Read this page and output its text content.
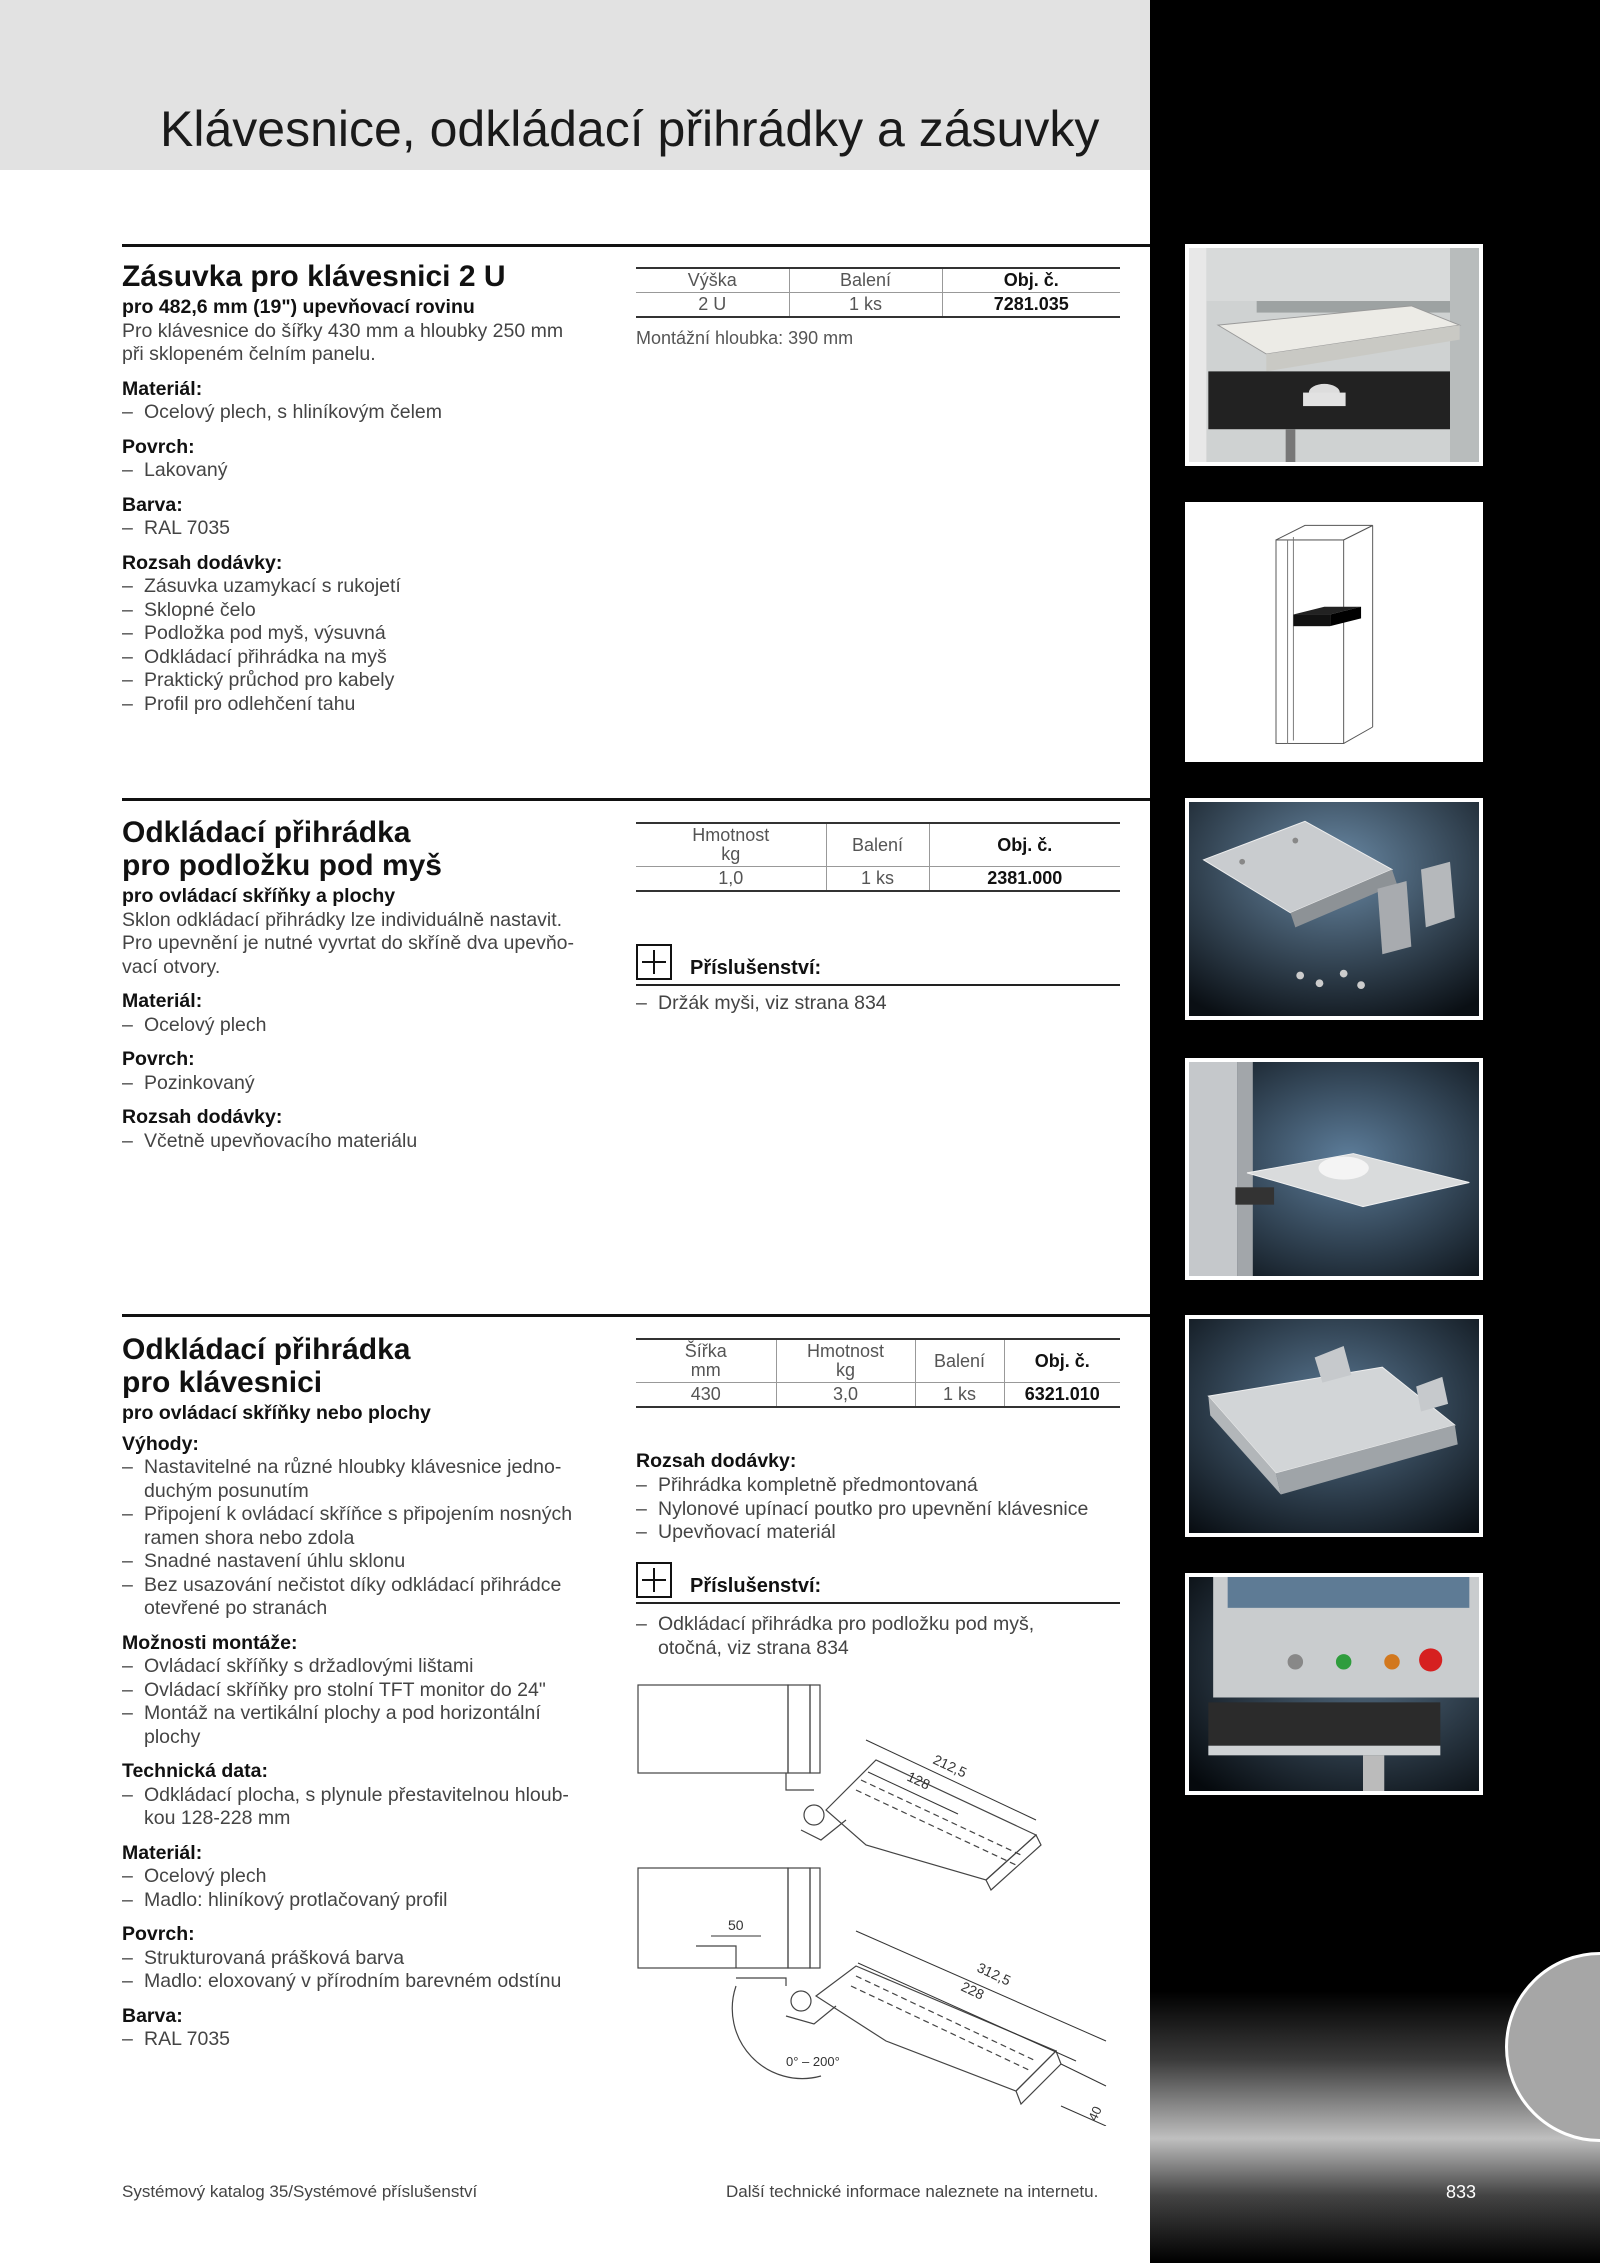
Klávesnice, odkládací přihrádky a zásuvky
Zásuvka pro klávesnici 2 U
pro 482,6 mm (19") upevňovací rovinu
Pro klávesnice do šířky 430 mm a hloubky 250 mm
při sklopeném čelním panelu.
Materiál:
– Ocelový plech, s hliníkovým čelem
Povrch:
– Lakovaný
Barva:
– RAL 7035
Rozsah dodávky:
– Zásuvka uzamykací s rukojetí
– Sklopné čelo
– Podložka pod myš, výsuvná
– Odkládací přihrádka na myš
– Praktický průchod pro kabely
– Profil pro odlehčení tahu
Výška	Balení	Obj. č.
2 U	1 ks	7281.035
Montážní hloubka: 390 mm
Odkládací přihrádka
pro podložku pod myš
pro ovládací skříňky a plochy
Sklon odkládací přihrádky lze individuálně nastavit.
Pro upevnění je nutné vyvrtat do skříně dva upevňo-
vací otvory.
Materiál:
– Ocelový plech
Povrch:
– Pozinkovaný
Rozsah dodávky:
– Včetně upevňovacího materiálu
Hmotnost
kg	Balení	Obj. č.
1,0	1 ks	2381.000
Příslušenství:
– Držák myši, viz strana 834
Odkládací přihrádka
pro klávesnici
pro ovládací skříňky nebo plochy
Výhody:
– Nastavitelné na různé hloubky klávesnice jedno-
duchým posunutím
– Připojení k ovládací skříňce s připojením nosných
ramen shora nebo zdola
– Snadné nastavení úhlu sklonu
– Bez usazování nečistot díky odkládací přihrádce
otevřené po stranách
Možnosti montáže:
– Ovládací skříňky s držadlovými lištami
– Ovládací skříňky pro stolní TFT monitor do 24"
– Montáž na vertikální plochy a pod horizontální
plochy
Technická data:
– Odkládací plocha, s plynule přestavitelnou hloub-
kou 128-228 mm
Materiál:
– Ocelový plech
– Madlo: hliníkový protlačovaný profil
Povrch:
– Strukturovaná prášková barva
– Madlo: eloxovaný v přírodním barevném odstínu
Barva:
– RAL 7035
Šířka
mm	Hmotnost
kg	Balení	Obj. č.
430	3,0	1 ks	6321.010
Rozsah dodávky:
– Přihrádka kompletně předmontovaná
– Nylonové upínací poutko pro upevnění klávesnice
– Upevňovací materiál
Příslušenství:
– Odkládací přihrádka pro podložku pod myš,
otočná, viz strana 834
212,5
128
50
312,5
228
40
0° – 200°
Systémový katalog 35/Systémové příslušenství	Další technické informace naleznete na internetu.	833
